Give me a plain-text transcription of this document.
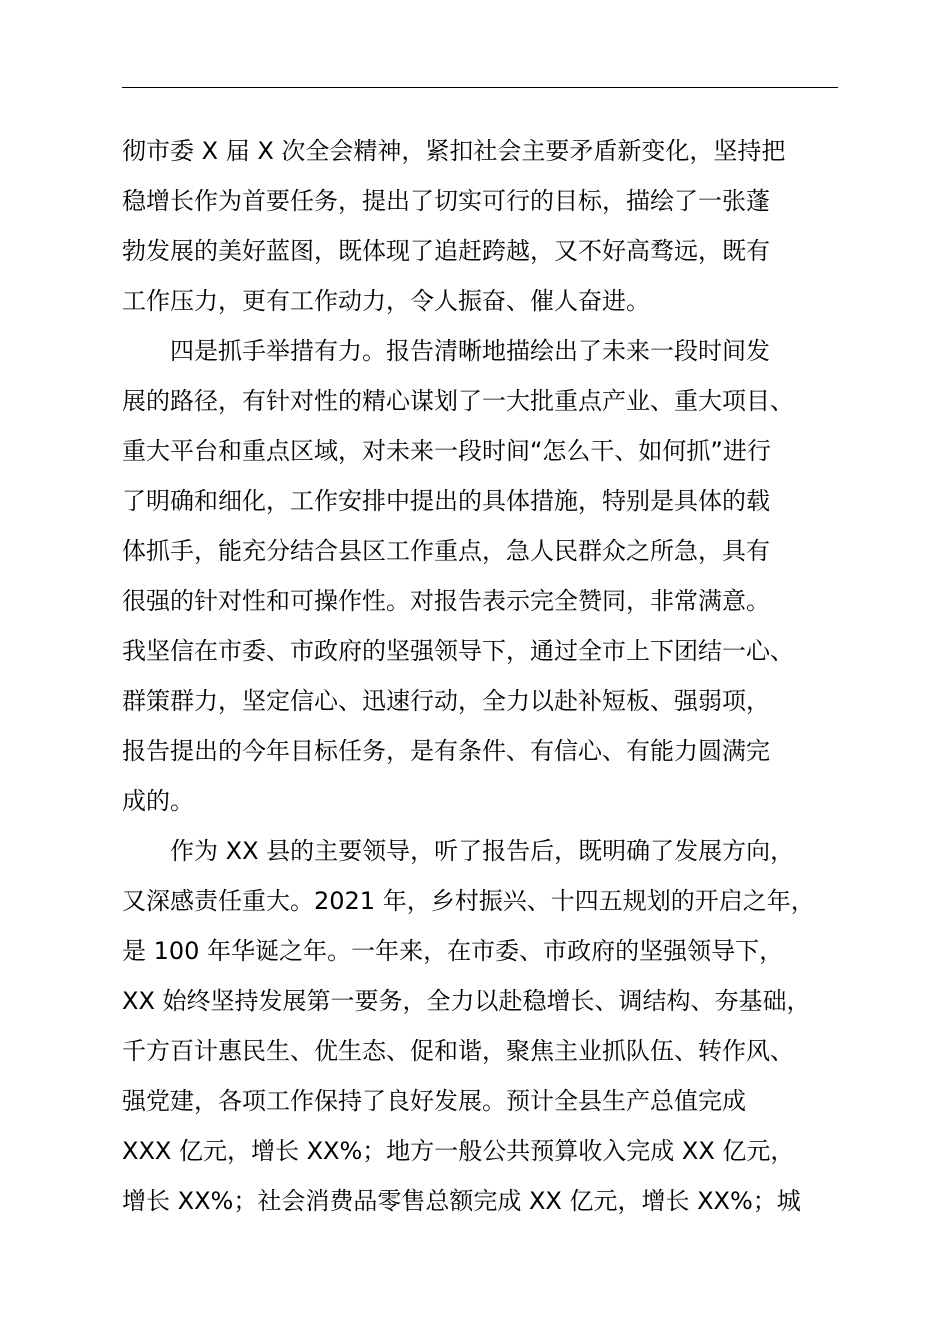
彻市委 X 届 X 次全会精神，紧扣社会主要矛盾新变化，坚持把
稳增长作为首要任务，提出了切实可行的目标，描绘了一张蓬
勃发展的美好蓝图，既体现了追赶跨越，又不好高骛远，既有
工作压力，更有工作动力，令人振奋、催人奋进。
四是抓手举措有力。报告清晰地描绘出了未来一段时间发
展的路径，有针对性的精心谋划了一大批重点产业、重大项目、
重大平台和重点区域，对未来一段时间“怎么干、如何抓”进行
了明确和细化，工作安排中提出的具体措施，特别是具体的载
体抓手，能充分结合县区工作重点，急人民群众之所急，具有
很强的针对性和可操作性。对报告表示完全赞同，非常满意。
我坚信在市委、市政府的坚强领导下，通过全市上下团结一心、
群策群力，坚定信心、迅速行动，全力以赴补短板、强弱项，
报告提出的今年目标任务，是有条件、有信心、有能力圆满完
成的。
作为 XX 县的主要领导，听了报告后，既明确了发展方向，
又深感责任重大。2021 年，乡村振兴、十四五规划的开启之年，
是 100 年华诞之年。一年来，在市委、市政府的坚强领导下，
XX 始终坚持发展第一要务，全力以赴稳增长、调结构、夯基础，
千方百计惠民生、优生态、促和谐，聚焦主业抓队伍、转作风、
强党建，各项工作保持了良好发展。预计全县生产总值完成
XXX 亿元，增长 XX%；地方一般公共预算收入完成 XX 亿元，
增长 XX%；社会消费品零售总额完成 XX 亿元，增长 XX%；城
